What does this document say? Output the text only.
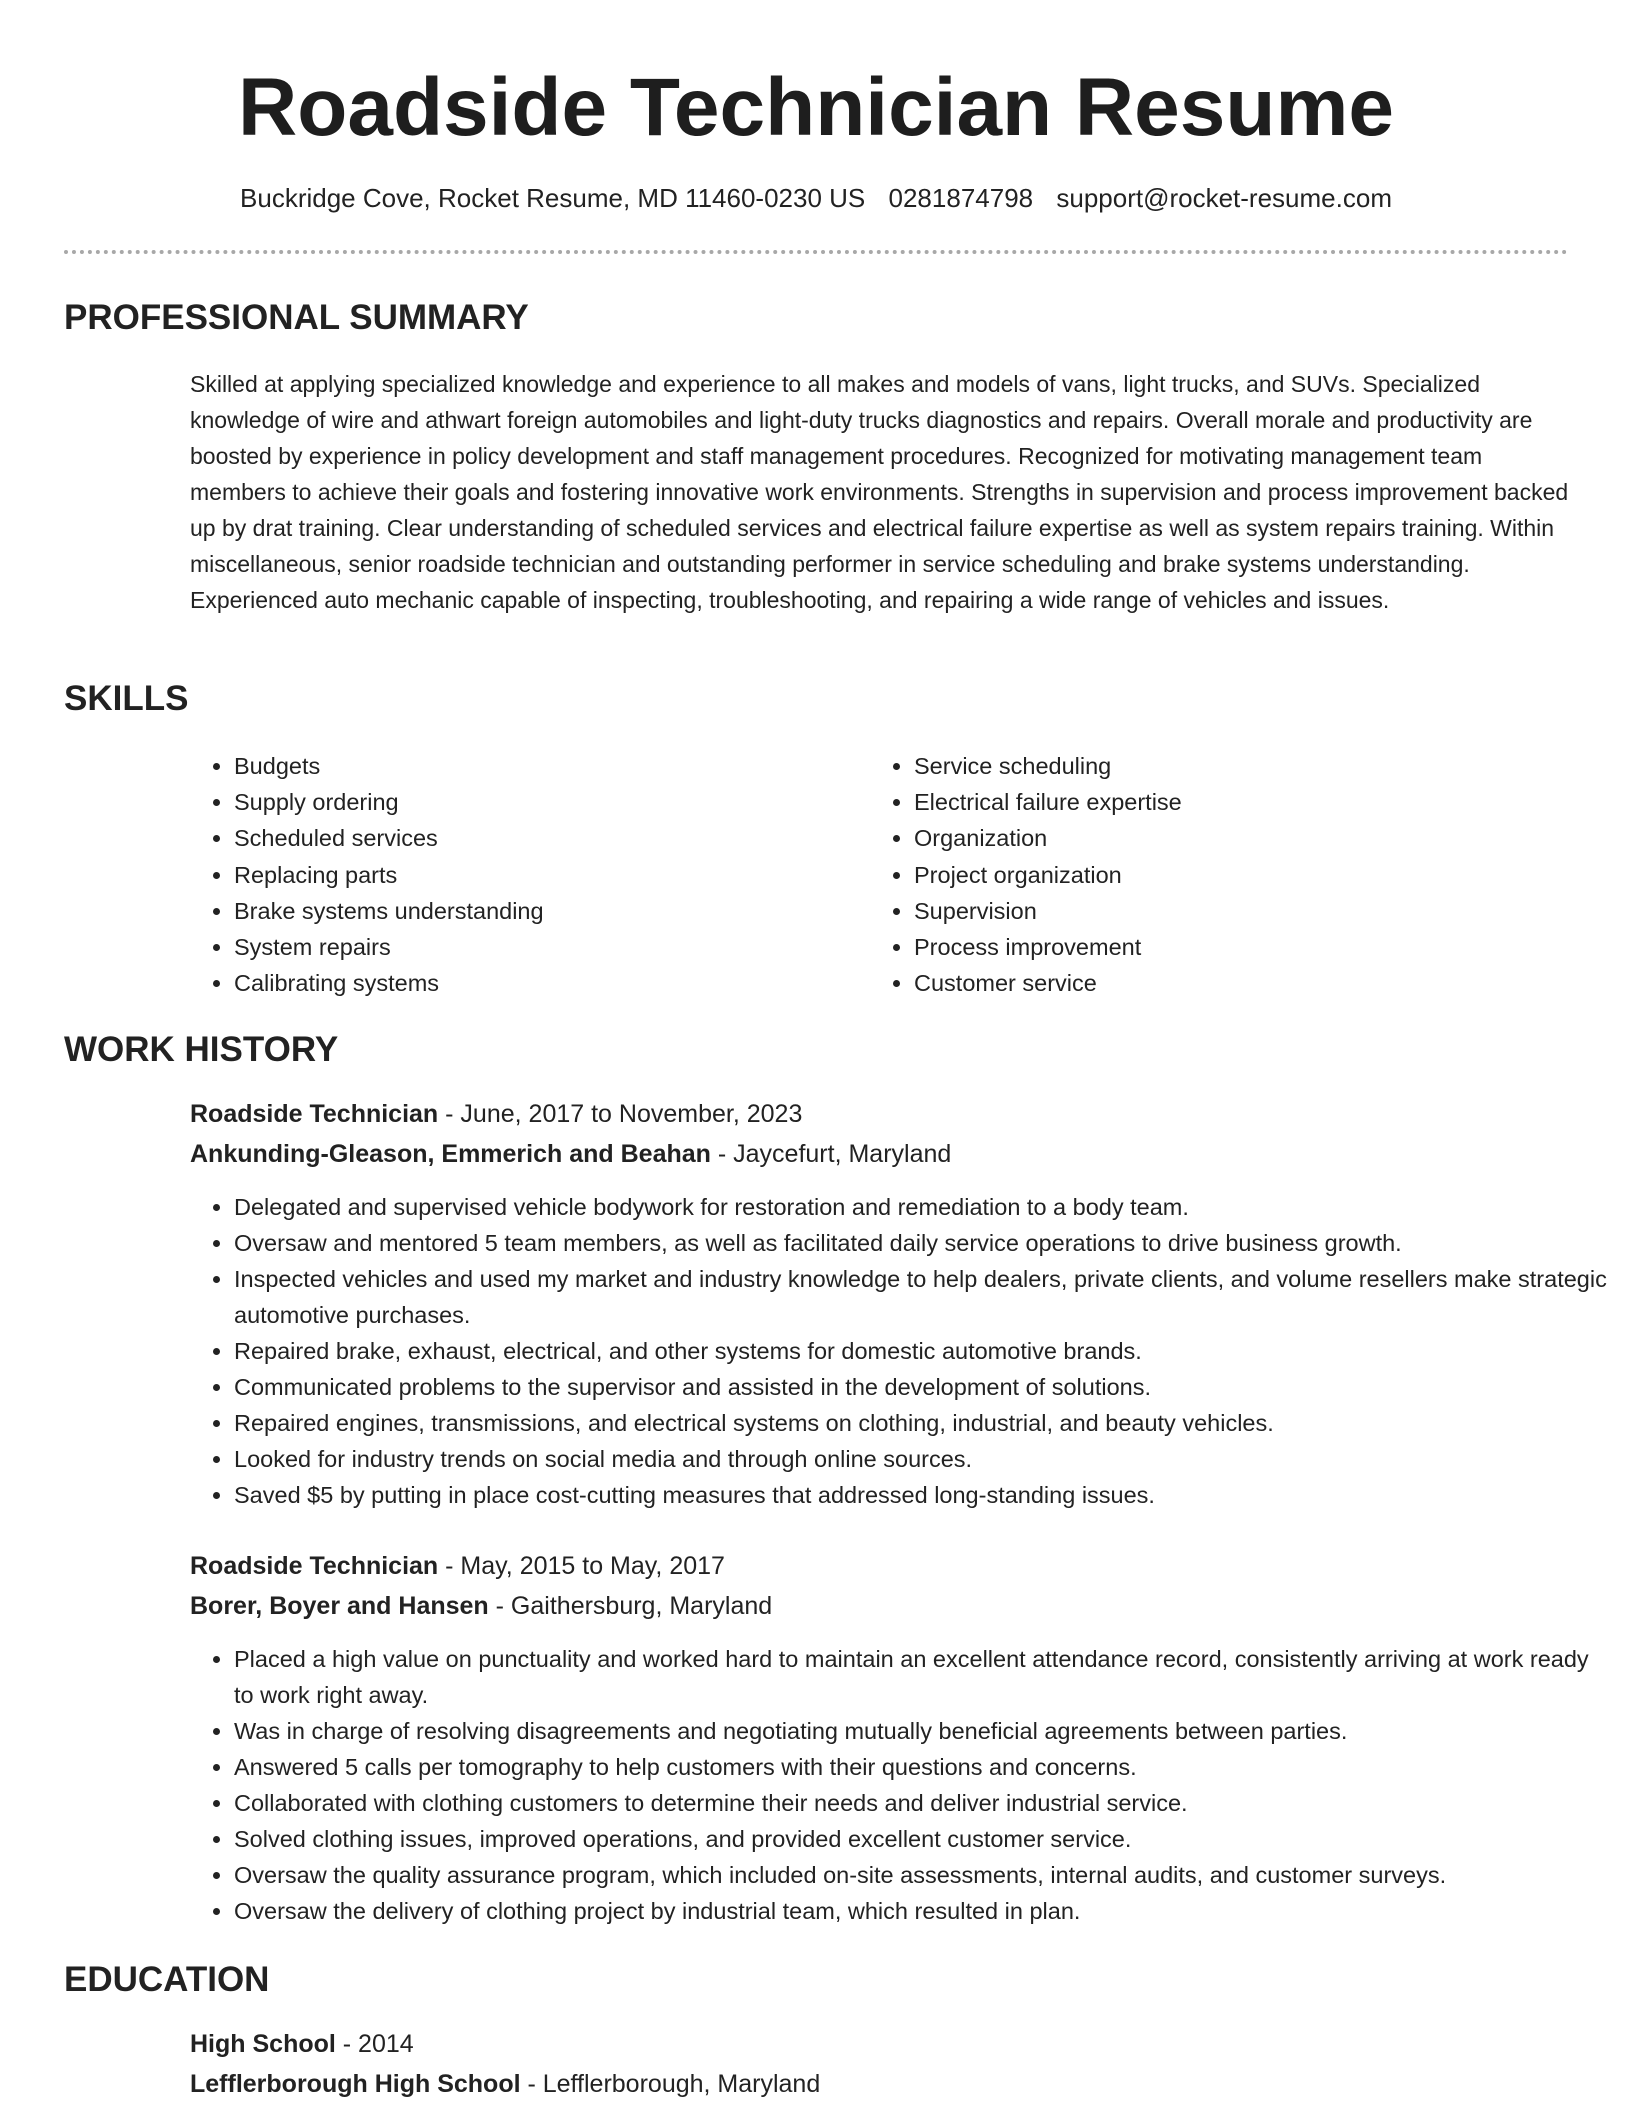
Roadside Technician Resume
Buckridge Cove, Rocket Resume, MD 11460-0230 US 0281874798 support@rocket-resume.com
PROFESSIONAL SUMMARY

Skilled at applying specialized knowledge and experience to all makes and models of vans, light trucks, and SUVs. Specialized knowledge of wire and athwart foreign automobiles and light-duty trucks diagnostics and repairs. Overall morale and productivity are boosted by experience in policy development and staff management procedures. Recognized for motivating management team members to achieve their goals and fostering innovative work environments. Strengths in supervision and process improvement backed up by drat training. Clear understanding of scheduled services and electrical failure expertise as well as system repairs training. Within miscellaneous, senior roadside technician and outstanding performer in service scheduling and brake systems understanding. Experienced auto mechanic capable of inspecting, troubleshooting, and repairing a wide range of vehicles and issues.

SKILLS
• Budgets
• Supply ordering
• Scheduled services
• Replacing parts
• Brake systems understanding
• System repairs
• Calibrating systems
• Service scheduling
• Electrical failure expertise
• Organization
• Project organization
• Supervision
• Process improvement
• Customer service
WORK HISTORY
Roadside Technician - June, 2017 to November, 2023
Ankunding-Gleason, Emmerich and Beahan - Jaycefurt, Maryland
• Delegated and supervised vehicle bodywork for restoration and remediation to a body team.
• Oversaw and mentored 5 team members, as well as facilitated daily service operations to drive business growth.
• Inspected vehicles and used my market and industry knowledge to help dealers, private clients, and volume resellers make strategic automotive purchases.
• Repaired brake, exhaust, electrical, and other systems for domestic automotive brands.
• Communicated problems to the supervisor and assisted in the development of solutions.
• Repaired engines, transmissions, and electrical systems on clothing, industrial, and beauty vehicles.
• Looked for industry trends on social media and through online sources.
• Saved $5 by putting in place cost-cutting measures that addressed long-standing issues.
Roadside Technician - May, 2015 to May, 2017
Borer, Boyer and Hansen - Gaithersburg, Maryland
• Placed a high value on punctuality and worked hard to maintain an excellent attendance record, consistently arriving at work ready to work right away.
• Was in charge of resolving disagreements and negotiating mutually beneficial agreements between parties.
• Answered 5 calls per tomography to help customers with their questions and concerns.
• Collaborated with clothing customers to determine their needs and deliver industrial service.
• Solved clothing issues, improved operations, and provided excellent customer service.
• Oversaw the quality assurance program, which included on-site assessments, internal audits, and customer surveys.
• Oversaw the delivery of clothing project by industrial team, which resulted in plan.
EDUCATION
High School - 2014
Lefflerborough High School - Lefflerborough, Maryland
